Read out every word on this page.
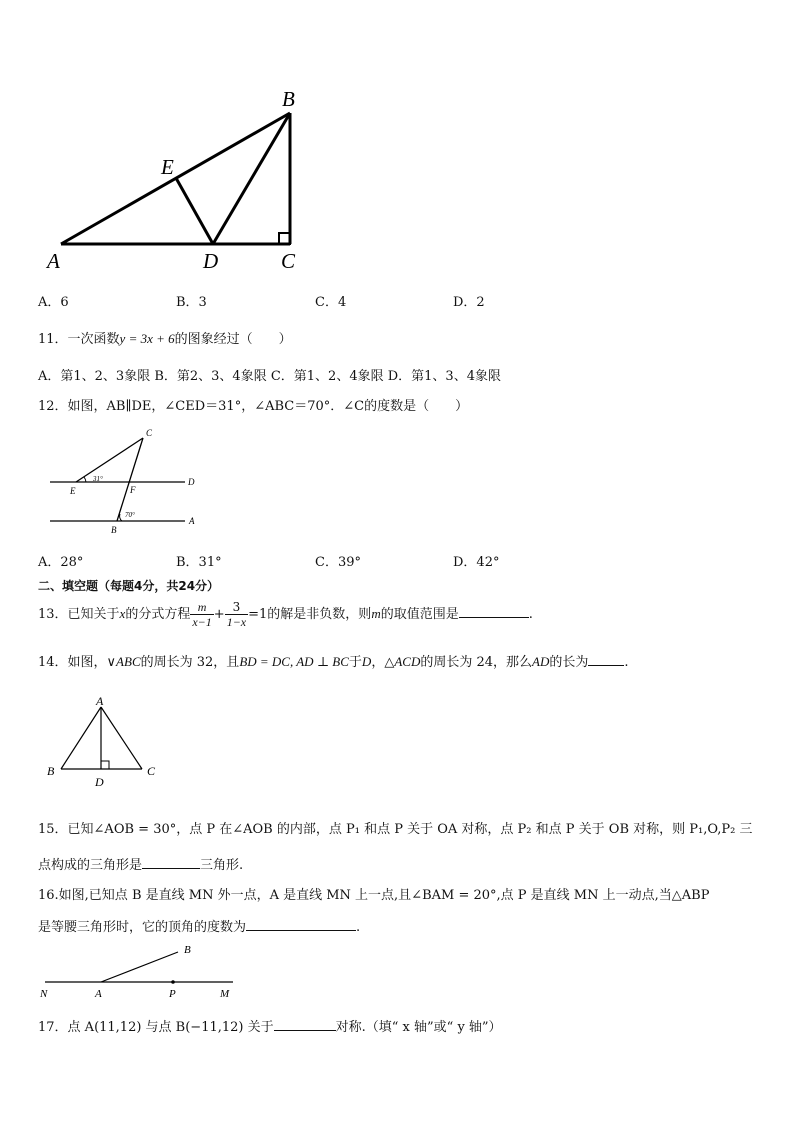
B
E
A	D	C
A．6	B．3	C．4	D．2
11．一次函数y = 3x + 6的图象经过（　　）
A．第1、2、3象限 B．第2、3、4象限 C．第1、2、4象限 D．第1、3、4象限
12．如图，AB∥DE，∠CED＝31°，∠ABC＝70°．∠C的度数是（　　）
C
E	F
D
B
A
31°
70°
A．28°	B．31°	C．39°	D．42°
二、填空题（每题4分，共24分）
13．已知关于x的分式方程 $\frac{m}{x-1} + \frac{3}{1-x} =1$的解是非负数，则m的取值范围是	.
14．如图，∨ABC的周长为 32，且BD = DC, AD ⊥ BC于D，△ACD的周长为 24，那么AD的长为	.
A
B	C
D
15．已知∠AOB = 30°，点 P 在∠AOB 的内部，点 P₁ 和点 P 关于 OA 对称，点 P₂ 和点 P 关于 OB 对称，则 P₁,O,P₂ 三
点构成的三角形是	三角形.
16.如图,已知点 B 是直线 MN 外一点，A 是直线 MN 上一点,且∠BAM = 20°,点 P 是直线 MN 上一动点,当△ABP
是等腰三角形时，它的顶角的度数为	.
N	A	P	M
B
17．点 A(11,12) 与点 B(−11,12) 关于	对称.（填“ x 轴”或“ y 轴”）
